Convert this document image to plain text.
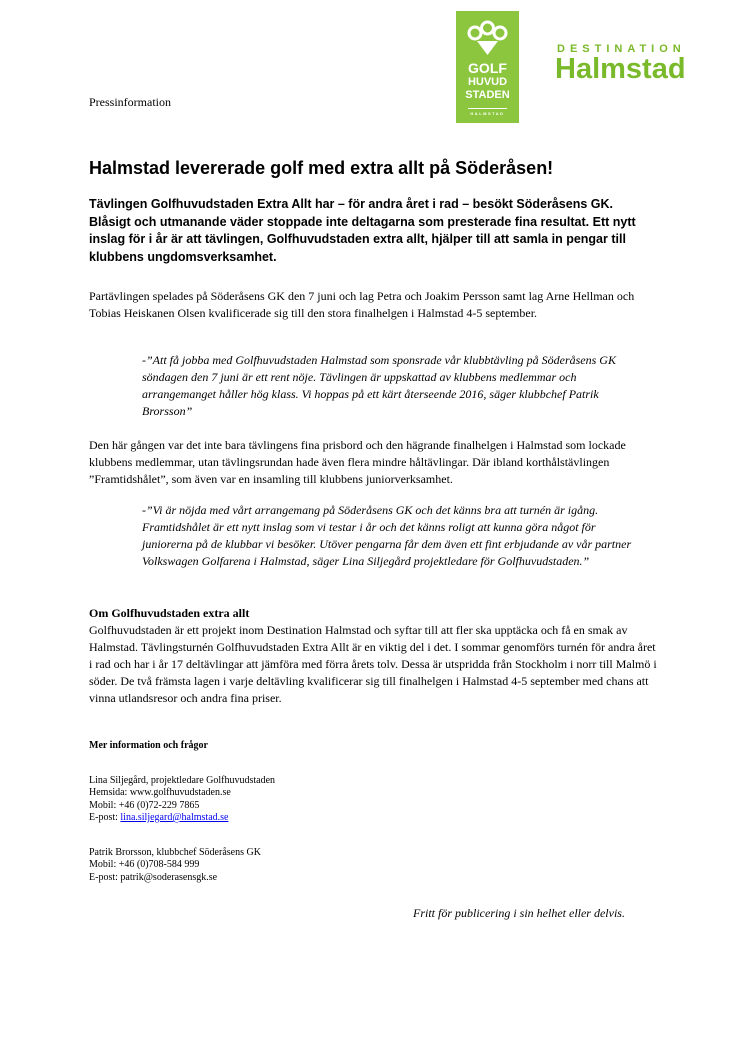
Pressinformation
GOLF
HUVUD
STADEN
HALMSTAD
DESTINATION
Halmstad
Halmstad levererade golf med extra allt på Söderåsen!
Tävlingen Golfhuvudstaden Extra Allt har – för andra året i rad – besökt Söderåsens GK. Blåsigt och utmanande väder stoppade inte deltagarna som presterade fina resultat. Ett nytt inslag för i år är att tävlingen, Golfhuvudstaden extra allt, hjälper till att samla in pengar till klubbens ungdomsverksamhet.
Partävlingen spelades på Söderåsens GK den 7 juni och lag Petra och Joakim Persson samt lag Arne Hellman och Tobias Heiskanen Olsen kvalificerade sig till den stora finalhelgen i Halmstad 4-5 september.
-”Att få jobba med Golfhuvudstaden Halmstad som sponsrade vår klubbtävling på Söderåsens GK söndagen den 7 juni är ett rent nöje. Tävlingen är uppskattad av klubbens medlemmar och arrangemanget håller hög klass. Vi hoppas på ett kärt återseende 2016, säger klubbchef Patrik Brorsson”
Den här gången var det inte bara tävlingens fina prisbord och den hägrande finalhelgen i Halmstad som lockade klubbens medlemmar, utan tävlingsrundan hade även flera mindre håltävlingar. Där ibland korthålstävlingen ”Framtidshålet”, som även var en insamling till klubbens juniorverksamhet.
-”Vi är nöjda med vårt arrangemang på Söderåsens GK och det känns bra att turnén är igång. Framtidshålet är ett nytt inslag som vi testar i år och det känns roligt att kunna göra något för juniorerna på de klubbar vi besöker. Utöver pengarna får dem även ett fint erbjudande av vår partner Volkswagen Golfarena i Halmstad, säger Lina Siljegård projektledare för Golfhuvudstaden.”
Om Golfhuvudstaden extra allt
Golfhuvudstaden är ett projekt inom Destination Halmstad och syftar till att fler ska upptäcka och få en smak av Halmstad. Tävlingsturnén Golfhuvudstaden Extra Allt är en viktig del i det. I sommar genomförs turnén för andra året i rad och har i år 17 deltävlingar att jämföra med förra årets tolv. Dessa är utspridda från Stockholm i norr till Malmö i söder. De två främsta lagen i varje deltävling kvalificerar sig till finalhelgen i Halmstad 4-5 september med chans att vinna utlandsresor och andra fina priser.
Mer information och frågor
Lina Siljegård, projektledare Golfhuvudstaden
Hemsida: www.golfhuvudstaden.se
Mobil: +46 (0)72-229 7865
E-post: lina.siljegard@halmstad.se
Patrik Brorsson, klubbchef Söderåsens GK
Mobil: +46 (0)708-584 999
E-post: patrik@soderasensgk.se
Fritt för publicering i sin helhet eller delvis.
